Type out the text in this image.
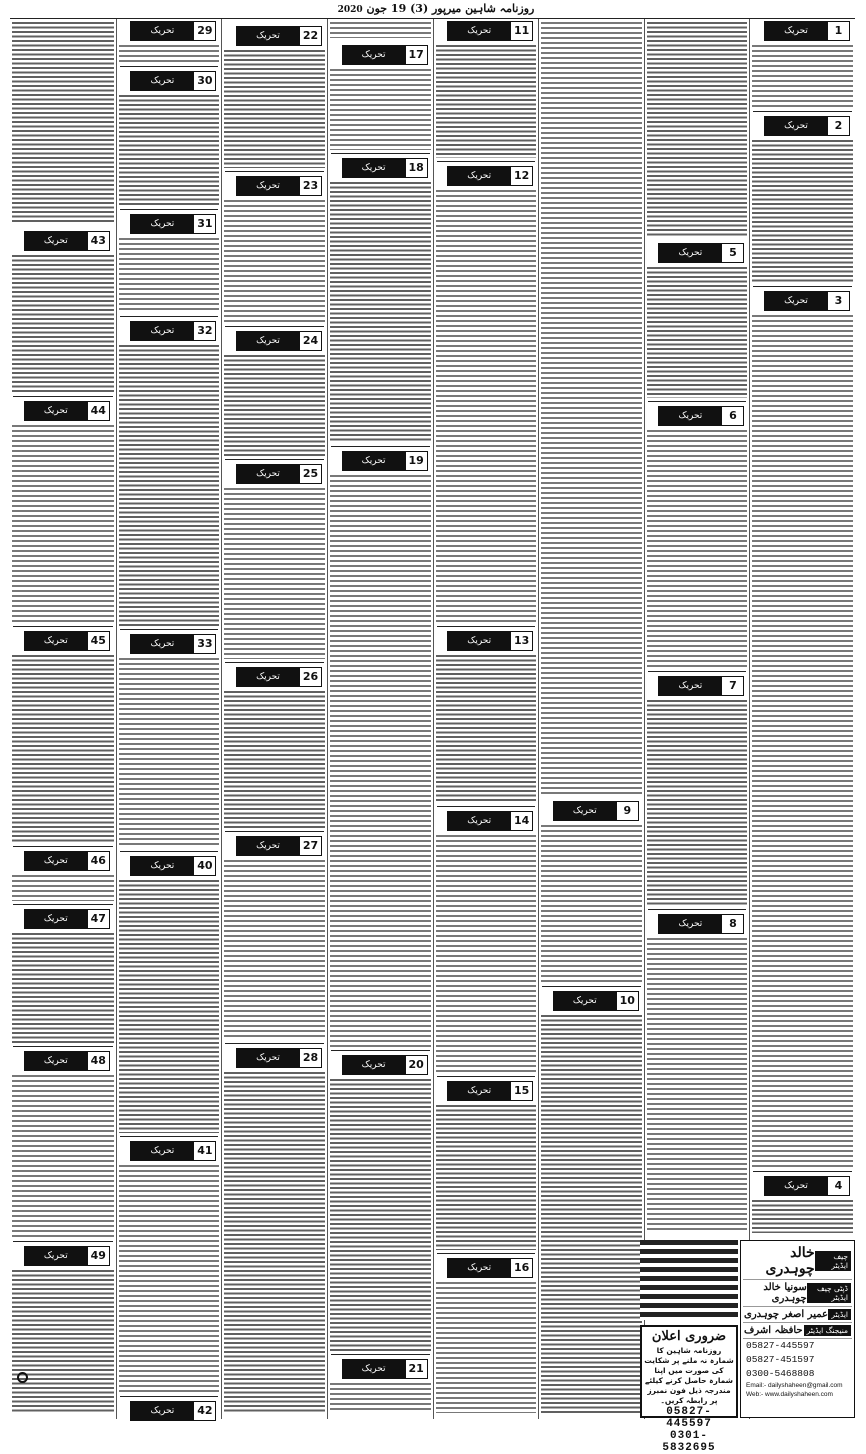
روزنامہ شاہین میرپور (3) 19 جون 2020
تحریک	1
تحریک	2
تحریک	3
تحریک	4
تحریک	5
تحریک	6
تحریک	7
تحریک	8
تحریک	9
تحریک	10
تحریک	11
تحریک	12
تحریک	13
تحریک	14
تحریک	15
تحریک	16
تحریک	17
تحریک	18
تحریک	19
تحریک	20
تحریک	21
تحریک	22
تحریک	23
تحریک	24
تحریک	25
تحریک	26
تحریک	27
تحریک	28
تحریک	29
تحریک	30
تحریک	31
تحریک	32
تحریک	33
تحریک	40
تحریک	41
تحریک	42
تحریک	43
تحریک	44
تحریک	45
تحریک	46
تحریک	47
تحریک	48
تحریک	49
ضروری اعلان
روزنامہ شاہین کا شمارہ نہ ملنے پر شکایت کی صورت میں اپنا شمارہ حاصل کرنے کیلئے مندرجہ ذیل فون نمبرز پر رابطہ کریں۔
05827-445597
0301-5832695
چیف ایڈیٹر
خالد چوہدری
ڈپٹی چیف ایڈیٹر
سونیا خالد چوہدری
ایڈیٹر
عمیر اصغر چوہدری
منیجنگ ایڈیٹر
حافظہ اشرف
05827-445597
05827-451597
0300-5468808
Email:- dailyshaheen@gmail.com
Web:- www.dailyshaheen.com
